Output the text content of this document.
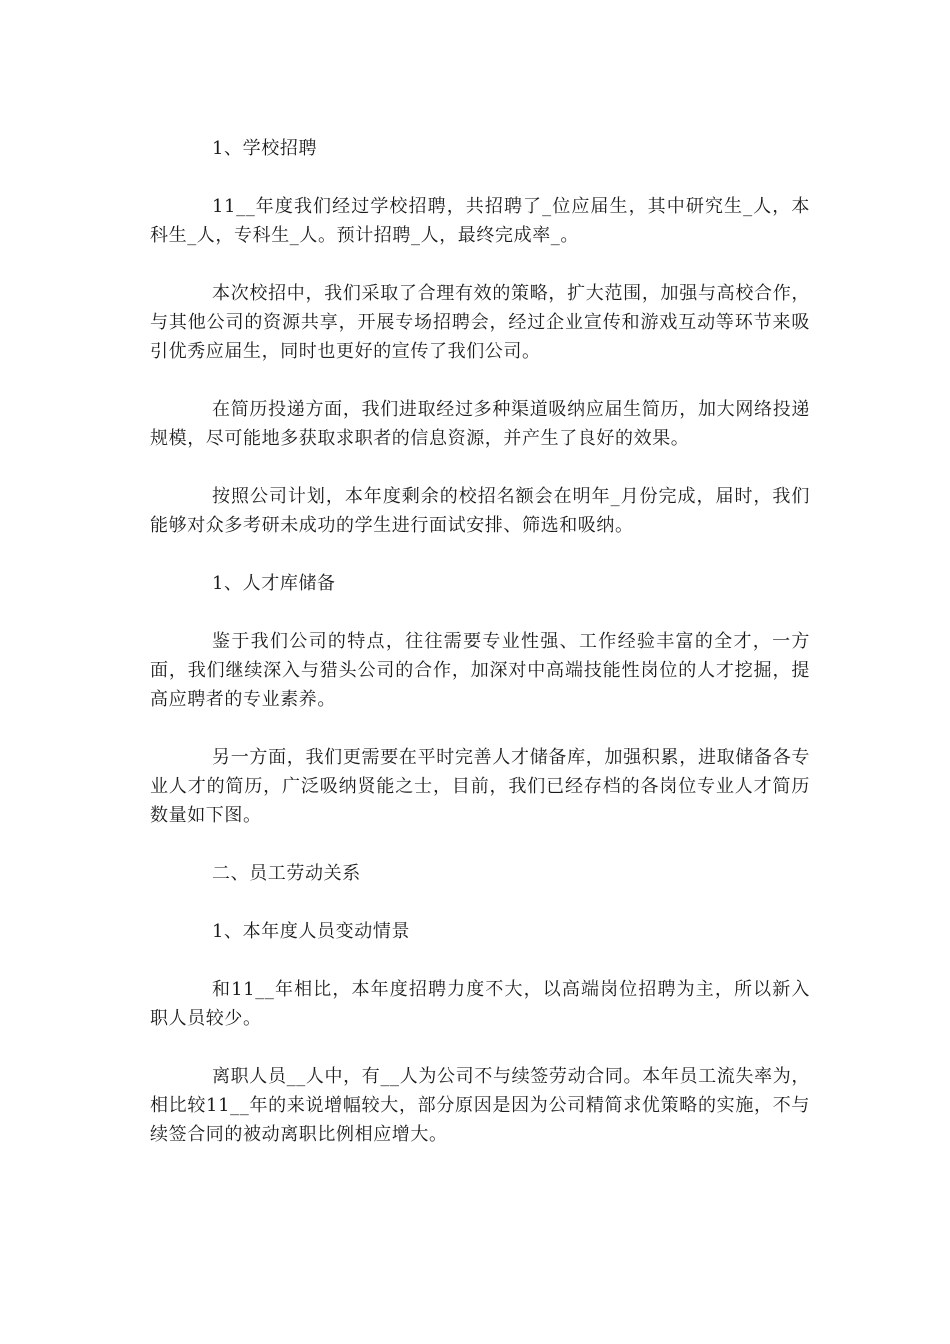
1、学校招聘

11__年度我们经过学校招聘，共招聘了_位应届生，其中研究生_人，本科生_人，专科生_人。预计招聘_人，最终完成率_。

本次校招中，我们采取了合理有效的策略，扩大范围，加强与高校合作，与其他公司的资源共享，开展专场招聘会，经过企业宣传和游戏互动等环节来吸引优秀应届生，同时也更好的宣传了我们公司。

在简历投递方面，我们进取经过多种渠道吸纳应届生简历，加大网络投递规模，尽可能地多获取求职者的信息资源，并产生了良好的效果。

按照公司计划，本年度剩余的校招名额会在明年_月份完成，届时，我们能够对众多考研未成功的学生进行面试安排、筛选和吸纳。

1、人才库储备

鉴于我们公司的特点，往往需要专业性强、工作经验丰富的全才，一方面，我们继续深入与猎头公司的合作，加深对中高端技能性岗位的人才挖掘，提高应聘者的专业素养。

另一方面，我们更需要在平时完善人才储备库，加强积累，进取储备各专业人才的简历，广泛吸纳贤能之士，目前，我们已经存档的各岗位专业人才简历数量如下图。

二、员工劳动关系

1、本年度人员变动情景

和11__年相比，本年度招聘力度不大，以高端岗位招聘为主，所以新入职人员较少。

离职人员__人中，有__人为公司不与续签劳动合同。本年员工流失率为，相比较11__年的来说增幅较大，部分原因是因为公司精简求优策略的实施，不与续签合同的被动离职比例相应增大。
